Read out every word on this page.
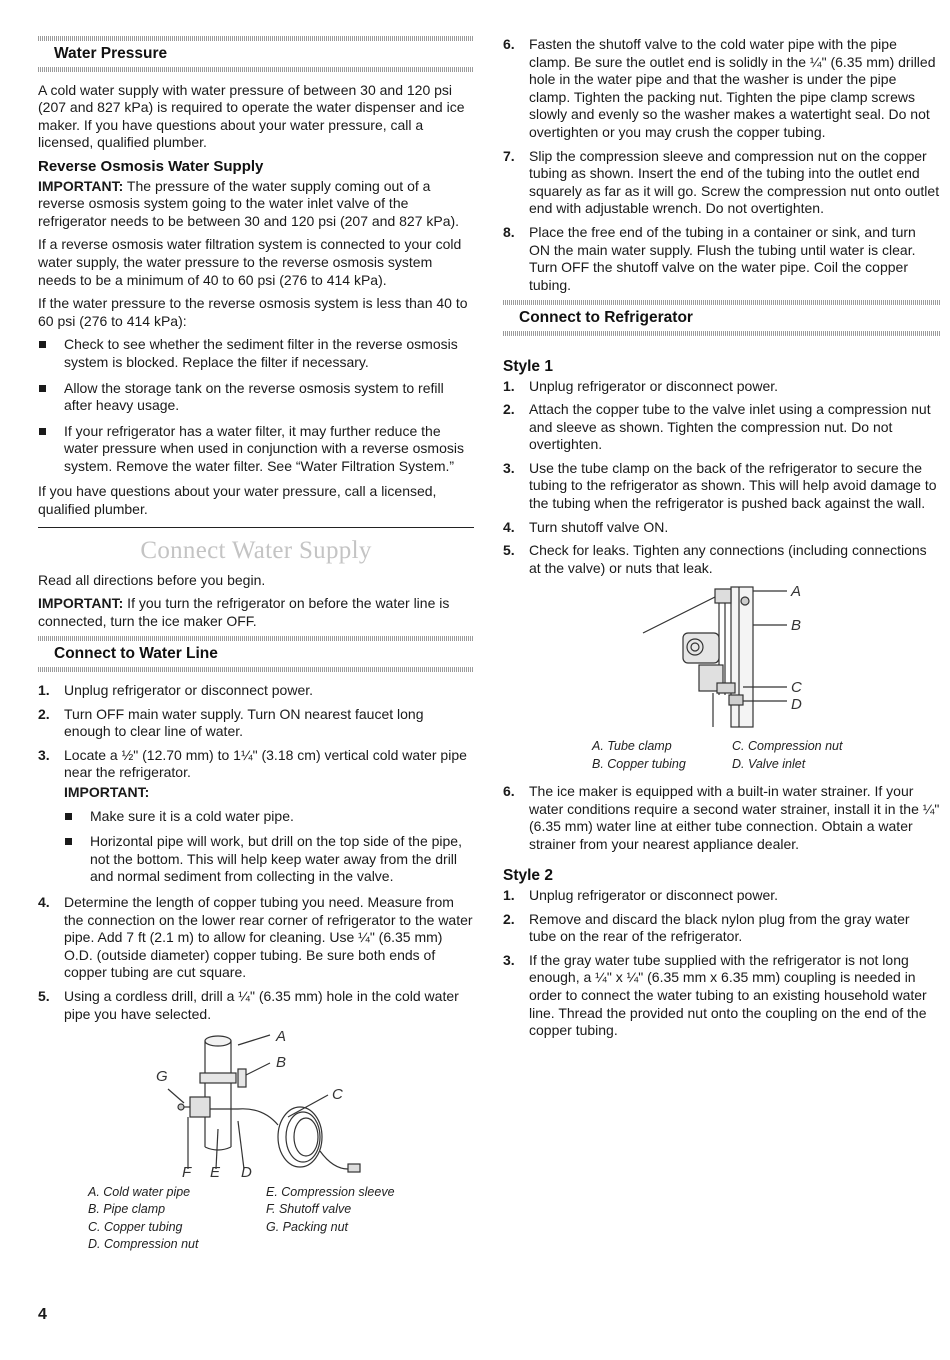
Water Pressure

A cold water supply with water pressure of between 30 and 120 psi (207 and 827 kPa) is required to operate the water dispenser and ice maker. If you have questions about your water pressure, call a licensed, qualified plumber.

Reverse Osmosis Water Supply

IMPORTANT: The pressure of the water supply coming out of a reverse osmosis system going to the water inlet valve of the refrigerator needs to be between 30 and 120 psi (207 and 827 kPa).

If a reverse osmosis water filtration system is connected to your cold water supply, the water pressure to the reverse osmosis system needs to be a minimum of 40 to 60 psi (276 to 414 kPa).

If the water pressure to the reverse osmosis system is less than 40 to 60 psi (276 to 414 kPa):

Check to see whether the sediment filter in the reverse osmosis system is blocked. Replace the filter if necessary.
Allow the storage tank on the reverse osmosis system to refill after heavy usage.
If your refrigerator has a water filter, it may further reduce the water pressure when used in conjunction with a reverse osmosis system. Remove the water filter. See “Water Filtration System.”

If you have questions about your water pressure, call a licensed, qualified plumber.

Connect Water Supply

Read all directions before you begin.

IMPORTANT: If you turn the refrigerator on before the water line is connected, turn the ice maker OFF.

Connect to Water Line
1. Unplug refrigerator or disconnect power.
2. Turn OFF main water supply. Turn ON nearest faucet long enough to clear line of water.
3. Locate a ½" (12.70 mm) to 1¼" (3.18 cm) vertical cold water pipe near the refrigerator.
IMPORTANT:
Make sure it is a cold water pipe.
Horizontal pipe will work, but drill on the top side of the pipe, not the bottom. This will help keep water away from the drill and normal sediment from collecting in the valve.
4. Determine the length of copper tubing you need. Measure from the connection on the lower rear corner of refrigerator to the water pipe. Add 7 ft (2.1 m) to allow for cleaning. Use ¼" (6.35 mm) O.D. (outside diameter) copper tubing. Be sure both ends of copper tubing are cut square.
5. Using a cordless drill, drill a ¼" (6.35 mm) hole in the cold water pipe you have selected.
A
B
C
G
F E D
A. Cold water pipe	E. Compression sleeve
B. Pipe clamp	F. Shutoff valve
C. Copper tubing	G. Packing nut
D. Compression nut
6. Fasten the shutoff valve to the cold water pipe with the pipe clamp. Be sure the outlet end is solidly in the ¼" (6.35 mm) drilled hole in the water pipe and that the washer is under the pipe clamp. Tighten the packing nut. Tighten the pipe clamp screws slowly and evenly so the washer makes a watertight seal. Do not overtighten or you may crush the copper tubing.
7. Slip the compression sleeve and compression nut on the copper tubing as shown. Insert the end of the tubing into the outlet end squarely as far as it will go. Screw the compression nut onto outlet end with adjustable wrench. Do not overtighten.
8. Place the free end of the tubing in a container or sink, and turn ON the main water supply. Flush the tubing until water is clear. Turn OFF the shutoff valve on the water pipe. Coil the copper tubing.
Connect to Refrigerator
Style 1
1. Unplug refrigerator or disconnect power.
2. Attach the copper tube to the valve inlet using a compression nut and sleeve as shown. Tighten the compression nut. Do not overtighten.
3. Use the tube clamp on the back of the refrigerator to secure the tubing to the refrigerator as shown. This will help avoid damage to the tubing when the refrigerator is pushed back against the wall.
4. Turn shutoff valve ON.
5. Check for leaks. Tighten any connections (including connections at the valve) or nuts that leak.
A
B
C
D
A. Tube clamp	C. Compression nut
B. Copper tubing	D. Valve inlet
6. The ice maker is equipped with a built-in water strainer. If your water conditions require a second water strainer, install it in the ¼" (6.35 mm) water line at either tube connection. Obtain a water strainer from your nearest appliance dealer.
Style 2
1. Unplug refrigerator or disconnect power.
2. Remove and discard the black nylon plug from the gray water tube on the rear of the refrigerator.
3. If the gray water tube supplied with the refrigerator is not long enough, a ¼" x ¼" (6.35 mm x 6.35 mm) coupling is needed in order to connect the water tubing to an existing household water line. Thread the provided nut onto the coupling on the end of the copper tubing.
4
